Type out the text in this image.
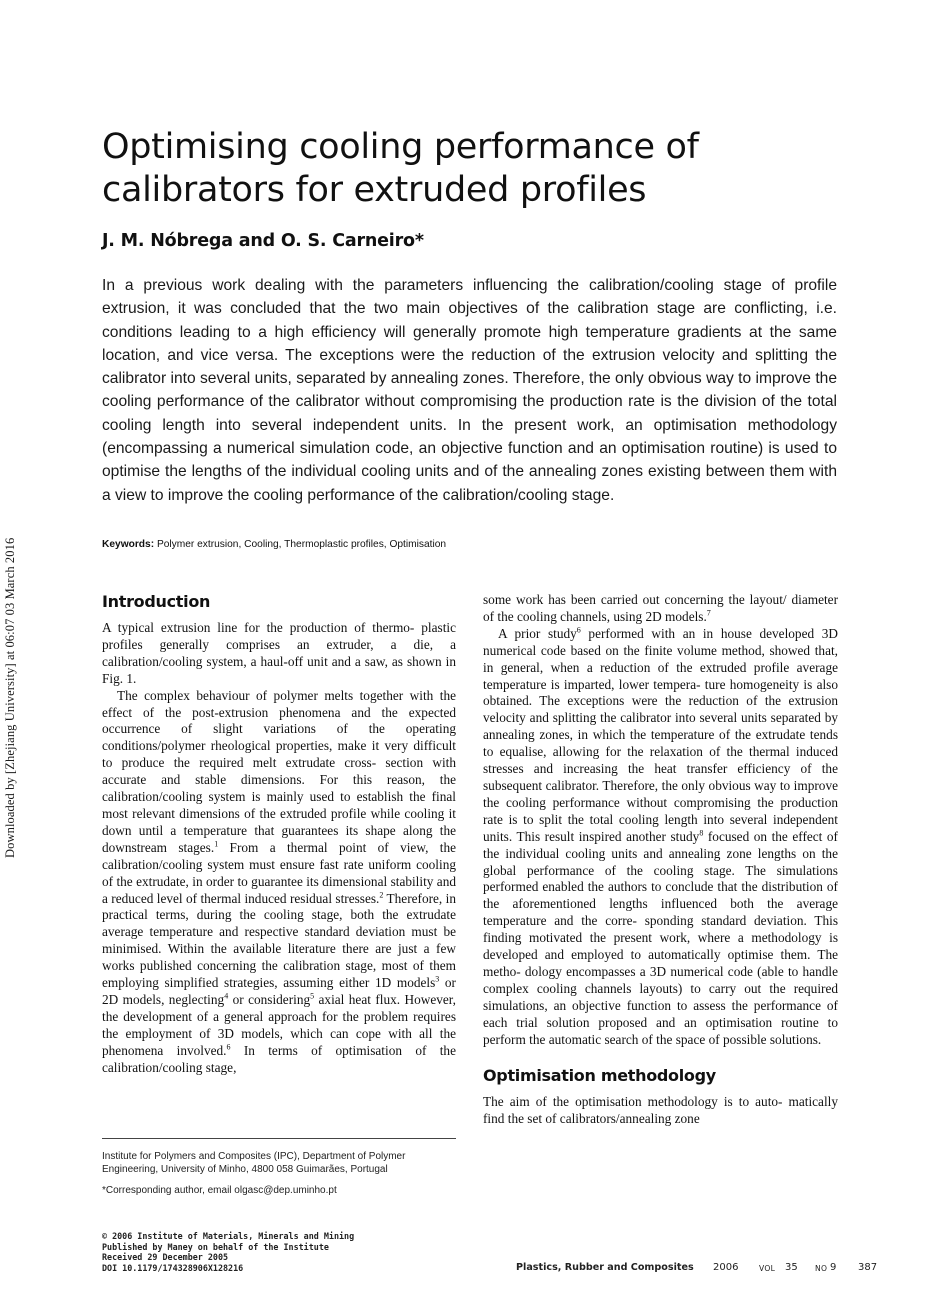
Downloaded by [Zhejiang University] at 06:07 03 March 2016
Optimising cooling performance of calibrators for extruded profiles
J. M. Nóbrega and O. S. Carneiro*

In a previous work dealing with the parameters influencing the calibration/cooling stage of profile extrusion, it was concluded that the two main objectives of the calibration stage are conflicting, i.e. conditions leading to a high efficiency will generally promote high temperature gradients at the same location, and vice versa. The exceptions were the reduction of the extrusion velocity and splitting the calibrator into several units, separated by annealing zones. Therefore, the only obvious way to improve the cooling performance of the calibrator without compromising the production rate is the division of the total cooling length into several independent units. In the present work, an optimisation methodology (encompassing a numerical simulation code, an objective function and an optimisation routine) is used to optimise the lengths of the individual cooling units and of the annealing zones existing between them with a view to improve the cooling performance of the calibration/cooling stage.

Keywords: Polymer extrusion, Cooling, Thermoplastic profiles, Optimisation
Introduction

A typical extrusion line for the production of thermo- plastic profiles generally comprises an extruder, a die, a calibration/cooling system, a haul-off unit and a saw, as shown in Fig. 1.

The complex behaviour of polymer melts together with the effect of the post-extrusion phenomena and the expected occurrence of slight variations of the operating conditions/polymer rheological properties, make it very difficult to produce the required melt extrudate cross- section with accurate and stable dimensions. For this reason, the calibration/cooling system is mainly used to establish the final most relevant dimensions of the extruded profile while cooling it down until a temperature that guarantees its shape along the downstream stages.$^1$ From a thermal point of view, the calibration/cooling system must ensure fast rate uniform cooling of the extrudate, in order to guarantee its dimensional stability and a reduced level of thermal induced residual stresses.$^2$ Therefore, in practical terms, during the cooling stage, both the extrudate average temperature and respective standard deviation must be minimised. Within the available literature there are just a few works published concerning the calibration stage, most of them employing simplified strategies, assuming either 1D models$^3$ or 2D models, neglecting$^4$ or considering$^5$ axial heat flux. However, the development of a general approach for the problem requires the employment of 3D models, which can cope with all the phenomena involved.$^6$ In terms of optimisation of the calibration/cooling stage,

some work has been carried out concerning the layout/ diameter of the cooling channels, using 2D models.$^7$

A prior study$^6$ performed with an in house developed 3D numerical code based on the finite volume method, showed that, in general, when a reduction of the extruded profile average temperature is imparted, lower tempera- ture homogeneity is also obtained. The exceptions were the reduction of the extrusion velocity and splitting the calibrator into several units separated by annealing zones, in which the temperature of the extrudate tends to equalise, allowing for the relaxation of the thermal induced stresses and increasing the heat transfer efficiency of the subsequent calibrator. Therefore, the only obvious way to improve the cooling performance without compromising the production rate is to split the total cooling length into several independent units. This result inspired another study$^8$ focused on the effect of the individual cooling units and annealing zone lengths on the global performance of the cooling stage. The simulations performed enabled the authors to conclude that the distribution of the aforementioned lengths influenced both the average temperature and the corre- sponding standard deviation. This finding motivated the present work, where a methodology is developed and employed to automatically optimise them. The metho- dology encompasses a 3D numerical code (able to handle complex cooling channels layouts) to carry out the required simulations, an objective function to assess the performance of each trial solution proposed and an optimisation routine to perform the automatic search of the space of possible solutions.

Optimisation methodology

The aim of the optimisation methodology is to auto- matically find the set of calibrators/annealing zone

Institute for Polymers and Composites (IPC), Department of Polymer Engineering, University of Minho, 4800 058 Guimarães, Portugal

*Corresponding author, email olgasc@dep.uminho.pt
© 2006 Institute of Materials, Minerals and Mining
Published by Maney on behalf of the Institute
Received 29 December 2005
DOI 10.1179/174328906X128216	Plastics, Rubber and Composites 2006	VOL 35 NO 9 387
